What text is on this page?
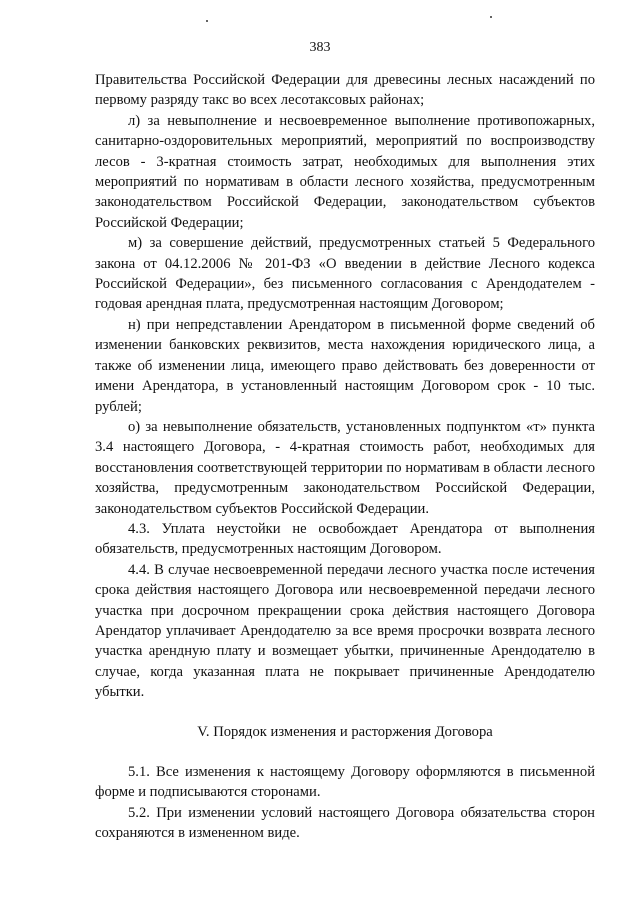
383

Правительства Российской Федерации для древесины лесных насаждений по первому разряду такс во всех лесотаксовых районах;

л) за невыполнение и несвоевременное выполнение противопожарных, санитарно-оздоровительных мероприятий, мероприятий по воспроизводству лесов - 3-кратная стоимость затрат, необходимых для выполнения этих мероприятий по нормативам в области лесного хозяйства, предусмотренным законодательством Российской Федерации, законодательством субъектов Российской Федерации;

м) за совершение действий, предусмотренных статьей 5 Федерального закона от 04.12.2006 № 201-ФЗ «О введении в действие Лесного кодекса Российской Федерации», без письменного согласования с Арендодателем - годовая арендная плата, предусмотренная настоящим Договором;

н) при непредставлении Арендатором в письменной форме сведений об изменении банковских реквизитов, места нахождения юридического лица, а также об изменении лица, имеющего право действовать без доверенности от имени Арендатора, в установленный настоящим Договором срок - 10 тыс. рублей;

о) за невыполнение обязательств, установленных подпунктом «т» пункта 3.4 настоящего Договора, - 4-кратная стоимость работ, необходимых для восстановления соответствующей территории по нормативам в области лесного хозяйства, предусмотренным законодательством Российской Федерации, законодательством субъектов Российской Федерации.

4.3. Уплата неустойки не освобождает Арендатора от выполнения обязательств, предусмотренных настоящим Договором.

4.4. В случае несвоевременной передачи лесного участка после истечения срока действия настоящего Договора или несвоевременной передачи лесного участка при досрочном прекращении срока действия настоящего Договора Арендатор уплачивает Арендодателю за все время просрочки возврата лесного участка арендную плату и возмещает убытки, причиненные Арендодателю в случае, когда указанная плата не покрывает причиненные Арендодателю убытки.

V. Порядок изменения и расторжения Договора

5.1. Все изменения к настоящему Договору оформляются в письменной форме и подписываются сторонами.

5.2. При изменении условий настоящего Договора обязательства сторон сохраняются в измененном виде.
